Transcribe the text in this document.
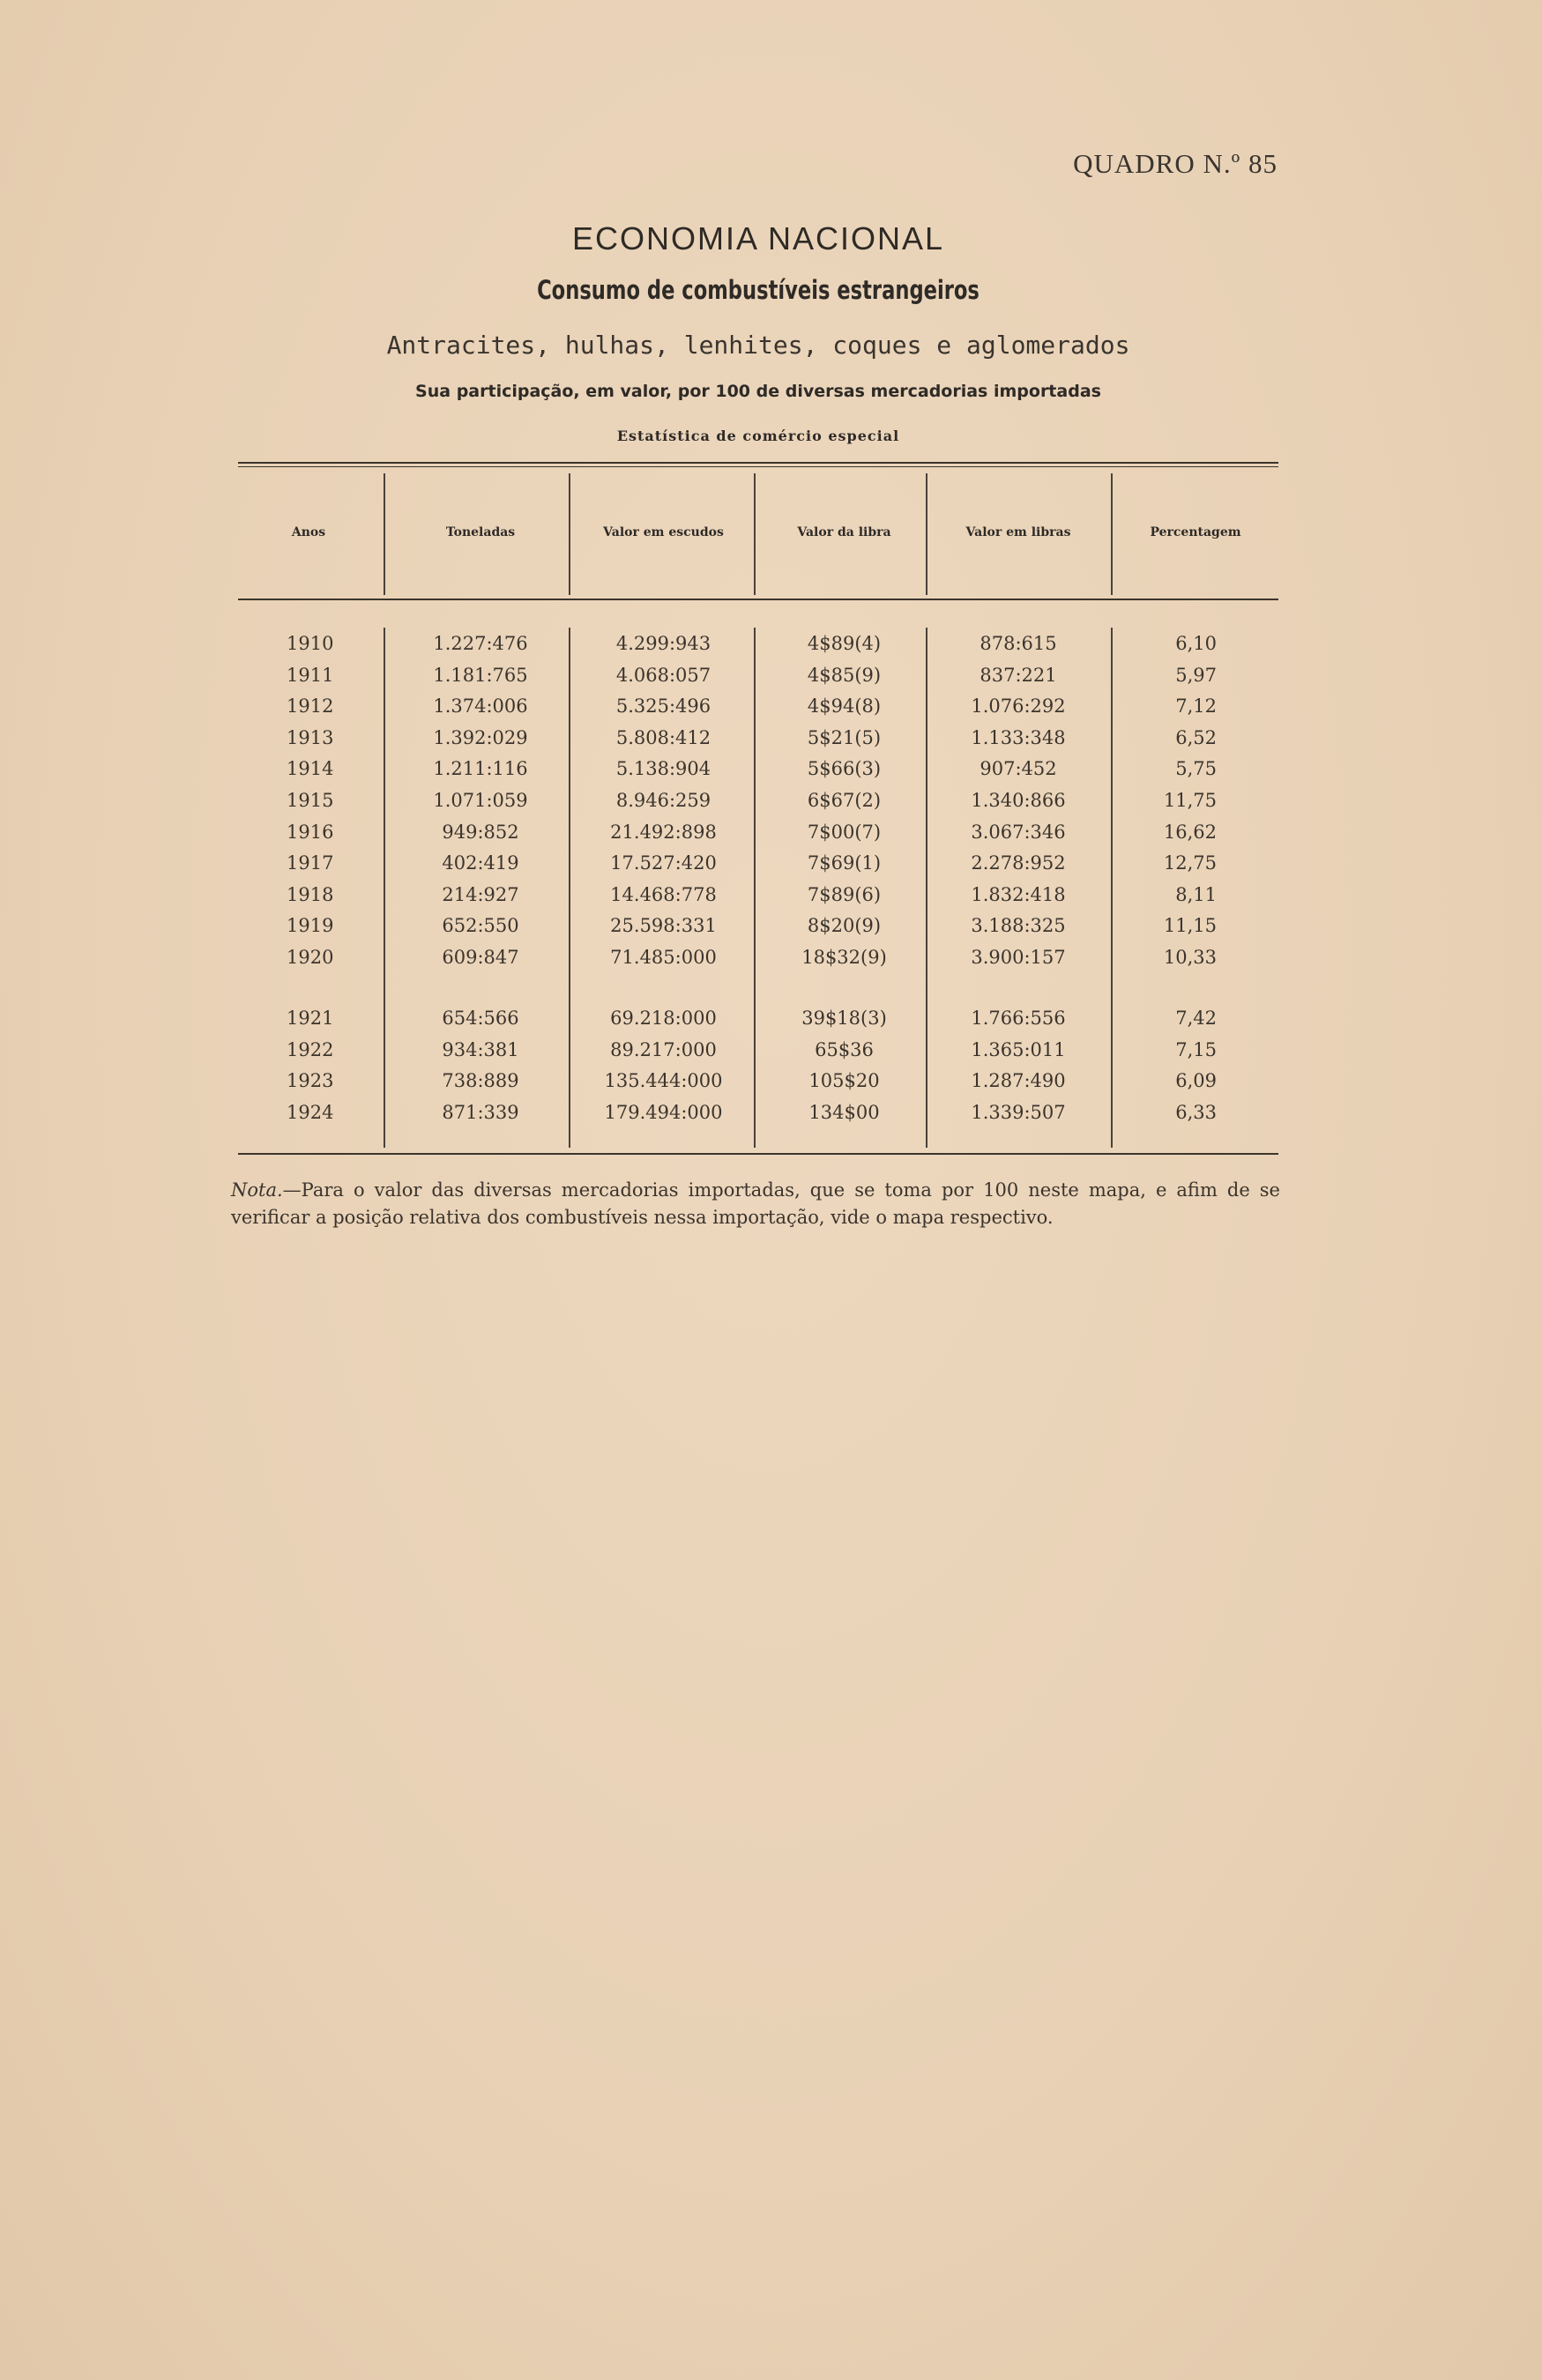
QUADRO N.º 85
ECONOMIA NACIONAL
Consumo de combustíveis estrangeiros
Antracites, hulhas, lenhites, coques e aglomerados
Sua participação, em valor, por 100 de diversas mercadorias importadas
Estatística de comércio especial
Anos	Toneladas	Valor em escudos	Valor da libra	Valor em libras	Percentagem
1910	1.227:476	4.299:943	4$89(4)	878:615	6,10
1911	1.181:765	4.068:057	4$85(9)	837:221	5,97
1912	1.374:006	5.325:496	4$94(8)	1.076:292	7,12
1913	1.392:029	5.808:412	5$21(5)	1.133:348	6,52
1914	1.211:116	5.138:904	5$66(3)	907:452	5,75
1915	1.071:059	8.946:259	6$67(2)	1.340:866	11,75
1916	949:852	21.492:898	7$00(7)	3.067:346	16,62
1917	402:419	17.527:420	7$69(1)	2.278:952	12,75
1918	214:927	14.468:778	7$89(6)	1.832:418	8,11
1919	652:550	25.598:331	8$20(9)	3.188:325	11,15
1920	609:847	71.485:000	18$32(9)	3.900:157	10,33
1921	654:566	69.218:000	39$18(3)	1.766:556	7,42
1922	934:381	89.217:000	65$36	1.365:011	7,15
1923	738:889	135.444:000	105$20	1.287:490	6,09
1924	871:339	179.494:000	134$00	1.339:507	6,33
Nota.—Para o valor das diversas mercadorias importadas, que se toma por 100 neste mapa, e afim de se verificar a posição relativa dos combustíveis nessa importação, vide o mapa respectivo.
